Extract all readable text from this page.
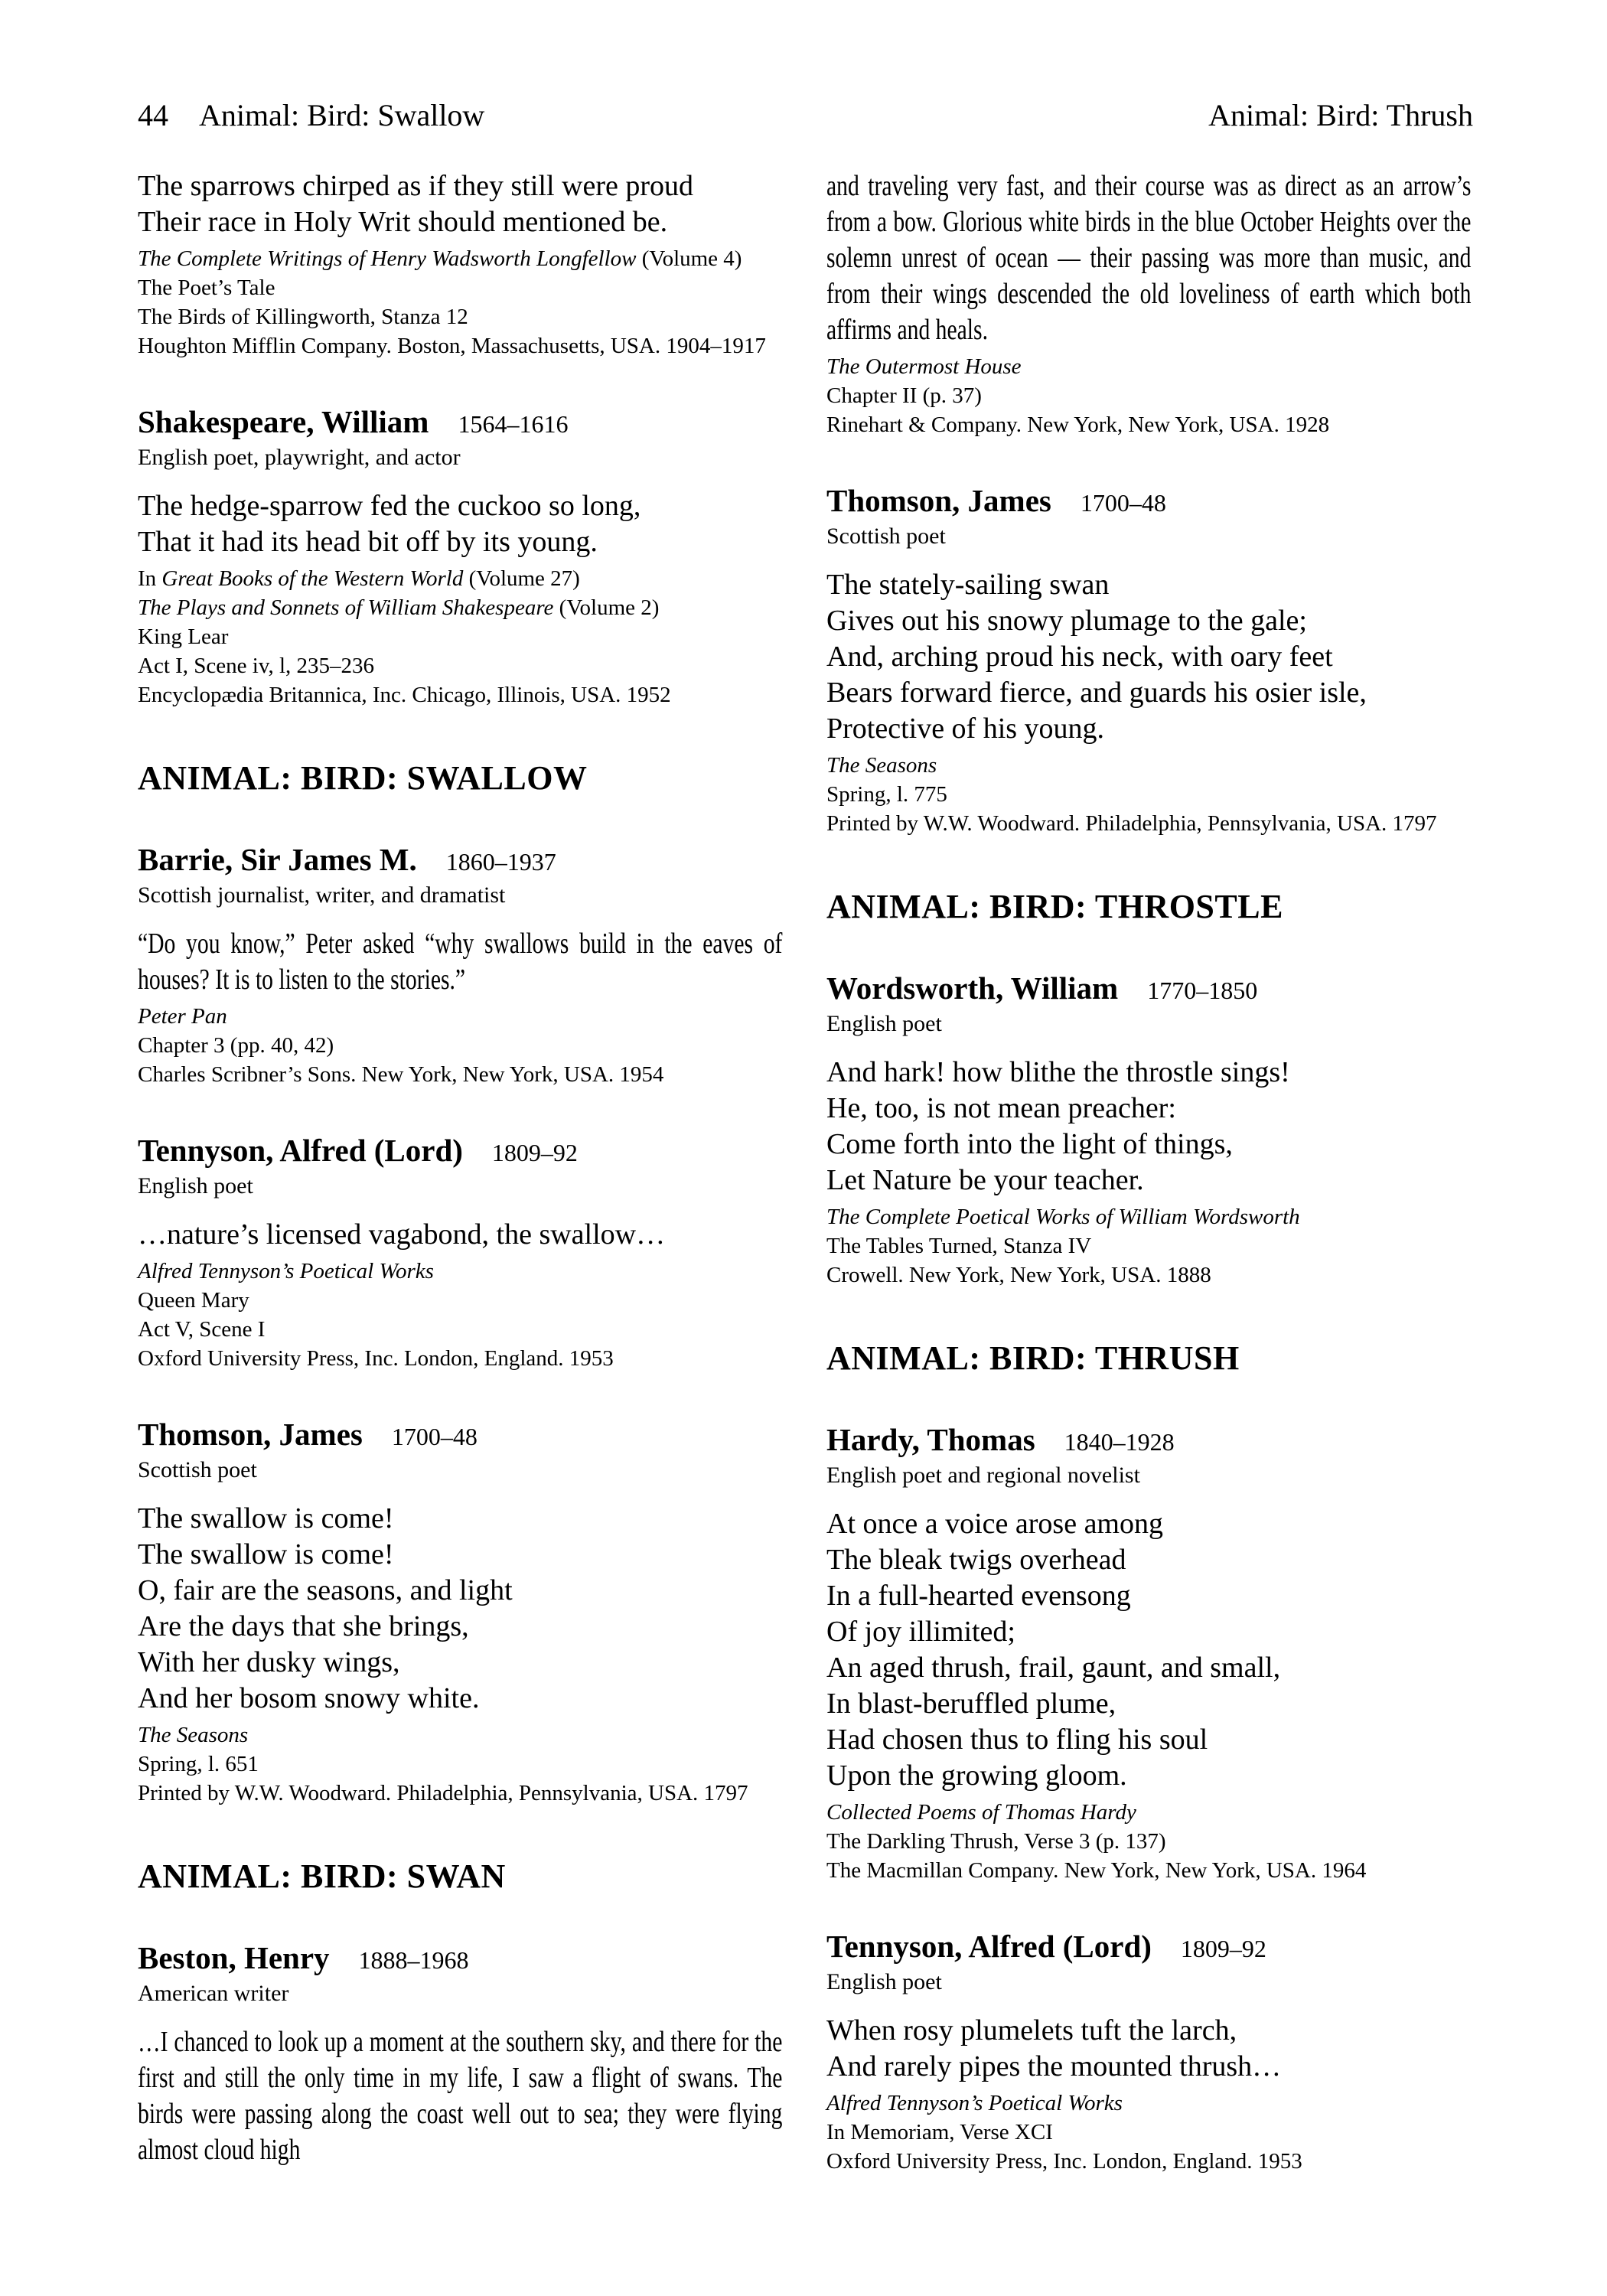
44 Animal: Bird: Swallow	Animal: Bird: Thrush
The sparrows chirped as if they still were proud
Their race in Holy Writ should mentioned be.
The Complete Writings of Henry Wadsworth Longfellow (Volume 4)
The Poet’s Tale
The Birds of Killingworth, Stanza 12
Houghton Mifflin Company. Boston, Massachusetts, USA. 1904–1917
Shakespeare, William 1564–1616
English poet, playwright, and actor
The hedge-sparrow fed the cuckoo so long,
That it had its head bit off by its young.
In Great Books of the Western World (Volume 27)
The Plays and Sonnets of William Shakespeare (Volume 2)
King Lear
Act I, Scene iv, l, 235–236
Encyclopædia Britannica, Inc. Chicago, Illinois, USA. 1952
ANIMAL: BIRD: SWALLOW
Barrie, Sir James M. 1860–1937
Scottish journalist, writer, and dramatist
“Do you know,” Peter asked “why swallows build in the eaves of houses? It is to listen to the stories.”
Peter Pan
Chapter 3 (pp. 40, 42)
Charles Scribner’s Sons. New York, New York, USA. 1954
Tennyson, Alfred (Lord) 1809–92
English poet
…nature’s licensed vagabond, the swallow…
Alfred Tennyson’s Poetical Works
Queen Mary
Act V, Scene I
Oxford University Press, Inc. London, England. 1953
Thomson, James 1700–48
Scottish poet
The swallow is come!
The swallow is come!
O, fair are the seasons, and light
Are the days that she brings,
With her dusky wings,
And her bosom snowy white.
The Seasons
Spring, l. 651
Printed by W.W. Woodward. Philadelphia, Pennsylvania, USA. 1797
ANIMAL: BIRD: SWAN
Beston, Henry 1888–1968
American writer
…I chanced to look up a moment at the southern sky, and there for the first and still the only time in my life, I saw a flight of swans. The birds were passing along the coast well out to sea; they were flying almost cloud high
and traveling very fast, and their course was as direct as an arrow’s from a bow. Glorious white birds in the blue October Heights over the solemn unrest of ocean — their passing was more than music, and from their wings descended the old loveliness of earth which both affirms and heals.
The Outermost House
Chapter II (p. 37)
Rinehart & Company. New York, New York, USA. 1928
Thomson, James 1700–48
Scottish poet
The stately-sailing swan
Gives out his snowy plumage to the gale;
And, arching proud his neck, with oary feet
Bears forward fierce, and guards his osier isle,
Protective of his young.
The Seasons
Spring, l. 775
Printed by W.W. Woodward. Philadelphia, Pennsylvania, USA. 1797
ANIMAL: BIRD: THROSTLE
Wordsworth, William 1770–1850
English poet
And hark! how blithe the throstle sings!
He, too, is not mean preacher:
Come forth into the light of things,
Let Nature be your teacher.
The Complete Poetical Works of William Wordsworth
The Tables Turned, Stanza IV
Crowell. New York, New York, USA. 1888
ANIMAL: BIRD: THRUSH
Hardy, Thomas 1840–1928
English poet and regional novelist
At once a voice arose among
The bleak twigs overhead
In a full-hearted evensong
Of joy illimited;
An aged thrush, frail, gaunt, and small,
In blast-beruffled plume,
Had chosen thus to fling his soul
Upon the growing gloom.
Collected Poems of Thomas Hardy
The Darkling Thrush, Verse 3 (p. 137)
The Macmillan Company. New York, New York, USA. 1964
Tennyson, Alfred (Lord) 1809–92
English poet
When rosy plumelets tuft the larch,
And rarely pipes the mounted thrush…
Alfred Tennyson’s Poetical Works
In Memoriam, Verse XCI
Oxford University Press, Inc. London, England. 1953
